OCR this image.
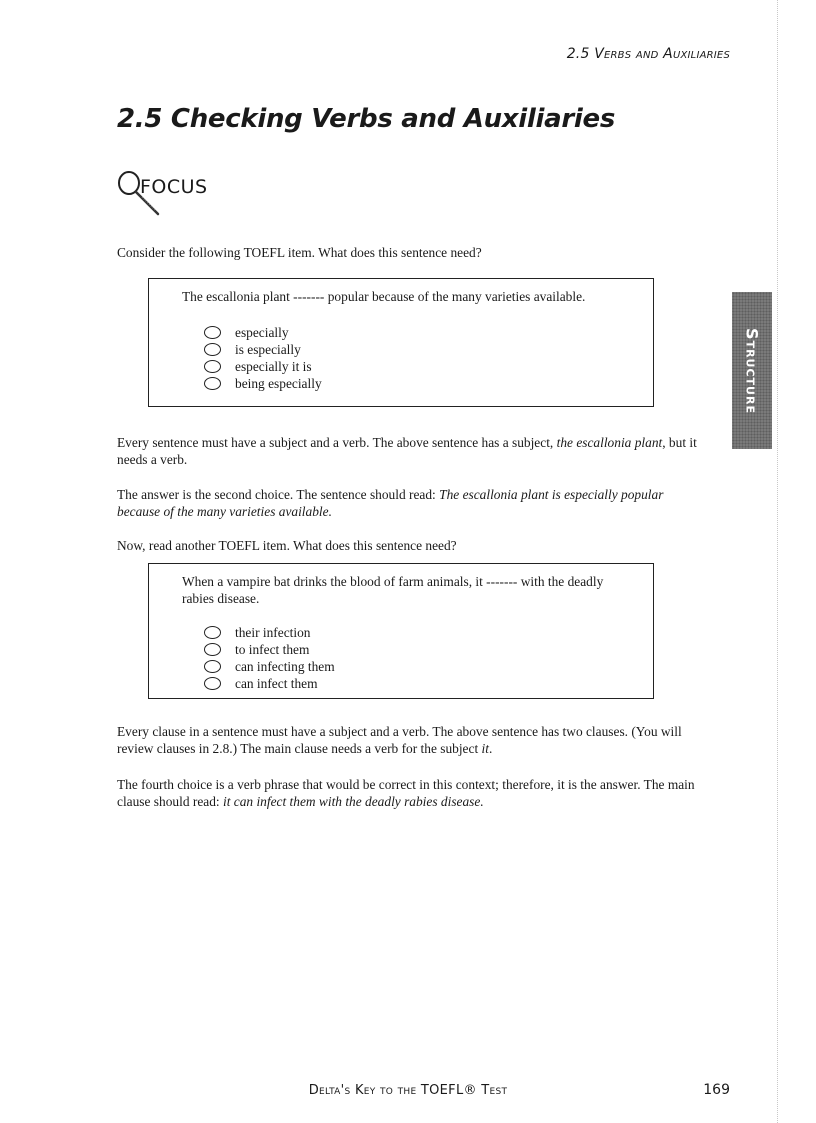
2.5 Verbs and Auxiliaries
2.5 Checking Verbs and Auxiliaries
FOCUS
Consider the following TOEFL item. What does this sentence need?
The escallonia plant ------- popular because of the many varieties available.
especially
is especially
especially it is
being especially
Every sentence must have a subject and a verb. The above sentence has a subject, the escallonia plant, but it needs a verb.
The answer is the second choice. The sentence should read: The escallonia plant is especially popular because of the many varieties available.
Now, read another TOEFL item. What does this sentence need?
When a vampire bat drinks the blood of farm animals, it ------- with the deadly rabies disease.
their infection
to infect them
can infecting them
can infect them
Every clause in a sentence must have a subject and a verb. The above sentence has two clauses. (You will review clauses in 2.8.) The main clause needs a verb for the subject it.
The fourth choice is a verb phrase that would be correct in this context; therefore, it is the answer. The main clause should read: it can infect them with the deadly rabies disease.
Structure
Delta's Key to the TOEFL® Test	169
